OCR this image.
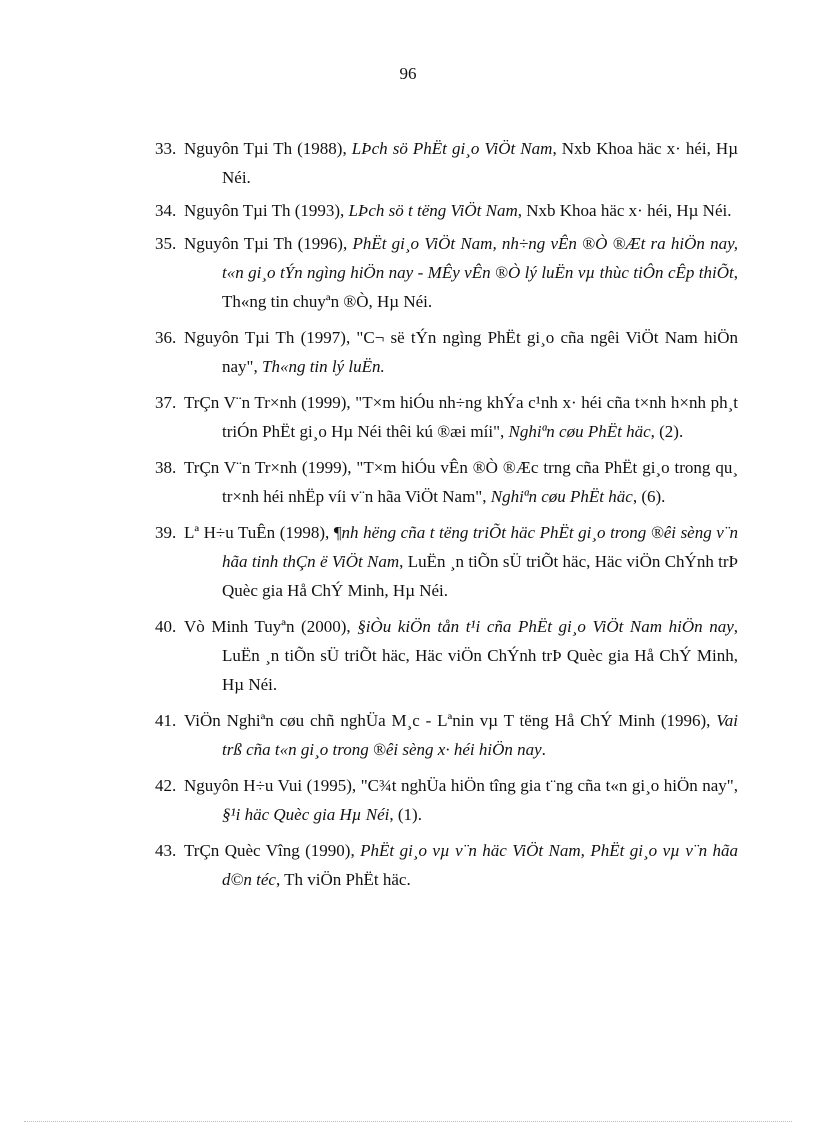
96
33. Nguyôn Tµi Th (1988), LÞch sö PhËt gi¸o ViÖt Nam, Nxb Khoa häc x· héi, Hµ Néi.
34. Nguyôn Tµi Th (1993), LÞch sö t tëng ViÖt Nam, Nxb Khoa häc x· héi, Hµ Néi.
35. Nguyôn Tµi Th (1996), PhËt gi¸o ViÖt Nam, nh÷ng vÊn ®Ò ®Æt ra hiÖn nay, t«n gi¸o tÝn ngìng hiÖn nay - MÊy vÊn ®Ò lý luËn vµ thùc tiÔn cÊp thiÕt, Th«ng tin chuyªn ®Ò, Hµ Néi.
36. Nguyôn Tµi Th (1997), "C¬ së tÝn ngìng PhËt gi¸o cña ngêi ViÖt Nam hiÖn nay", Th«ng tin lý luËn.
37. TrÇn V¨n Tr×nh (1999), "T×m hiÓu nh÷ng khÝa c¹nh x· héi cña t×nh h×nh ph¸t triÓn PhËt gi¸o Hµ Néi thêi kú ®æi míi", Nghiªn cøu PhËt häc, (2).
38. TrÇn V¨n Tr×nh (1999), "T×m hiÓu vÊn ®Ò ®Æc trng cña PhËt gi¸o trong qu¸ tr×nh héi nhËp víi v¨n hãa ViÖt Nam", Nghiªn cøu PhËt häc, (6).
39. Lª H÷u TuÊn (1998), ¶nh hëng cña t tëng triÕt häc PhËt gi¸o trong ®êi sèng v¨n hãa tinh thÇn ë ViÖt Nam, LuËn ¸n tiÕn sÜ triÕt häc, Häc viÖn ChÝnh trÞ Quèc gia Hå ChÝ Minh, Hµ Néi.
40. Vò Minh Tuyªn (2000), §iÒu kiÖn tån t¹i cña PhËt gi¸o ViÖt Nam hiÖn nay, LuËn ¸n tiÕn sÜ triÕt häc, Häc viÖn ChÝnh trÞ Quèc gia Hå ChÝ Minh, Hµ Néi.
41. ViÖn Nghiªn cøu chñ nghÜa M¸c - Lªnin vµ T tëng Hå ChÝ Minh (1996), Vai trß cña t«n gi¸o trong ®êi sèng x· héi hiÖn nay.
42. Nguyôn H÷u Vui (1995), "C¾t nghÜa hiÖn tîng gia t¨ng cña t«n gi¸o hiÖn nay", §¹i häc Quèc gia Hµ Néi, (1).
43. TrÇn Quèc Vîng (1990), PhËt gi¸o vµ v¨n häc ViÖt Nam, PhËt gi¸o vµ v¨n hãa d©n téc, Th viÖn PhËt häc.
